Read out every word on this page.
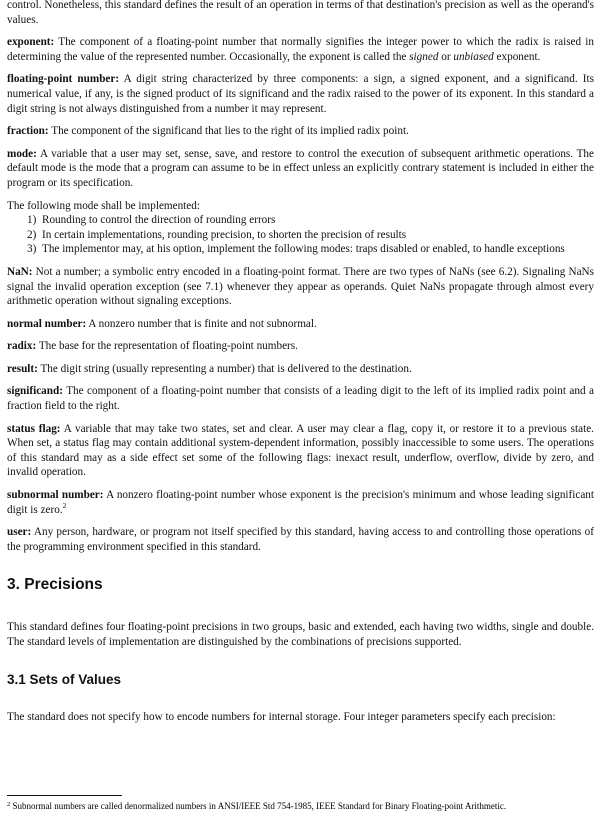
control. Nonetheless, this standard defines the result of an operation in terms of that destination's precision as well as the operand's values.

exponent: The component of a floating-point number that normally signifies the integer power to which the radix is raised in determining the value of the represented number. Occasionally, the exponent is called the signed or unbiased exponent.

floating-point number: A digit string characterized by three components: a sign, a signed exponent, and a significand. Its numerical value, if any, is the signed product of its significand and the radix raised to the power of its exponent. In this standard a digit string is not always distinguished from a number it may represent.

fraction: The component of the significand that lies to the right of its implied radix point.

mode: A variable that a user may set, sense, save, and restore to control the execution of subsequent arithmetic operations. The default mode is the mode that a program can assume to be in effect unless an explicitly contrary statement is included in either the program or its specification.

The following mode shall be implemented:

1) Rounding to control the direction of rounding errors
2) In certain implementations, rounding precision, to shorten the precision of results
3) The implementor may, at his option, implement the following modes: traps disabled or enabled, to handle exceptions

NaN: Not a number; a symbolic entry encoded in a floating-point format. There are two types of NaNs (see 6.2). Signaling NaNs signal the invalid operation exception (see 7.1) whenever they appear as operands. Quiet NaNs propagate through almost every arithmetic operation without signaling exceptions.

normal number: A nonzero number that is finite and not subnormal.

radix: The base for the representation of floating-point numbers.

result: The digit string (usually representing a number) that is delivered to the destination.

significand: The component of a floating-point number that consists of a leading digit to the left of its implied radix point and a fraction field to the right.

status flag: A variable that may take two states, set and clear. A user may clear a flag, copy it, or restore it to a previous state. When set, a status flag may contain additional system-dependent information, possibly inaccessible to some users. The operations of this standard may as a side effect set some of the following flags: inexact result, underflow, overflow, divide by zero, and invalid operation.

subnormal number: A nonzero floating-point number whose exponent is the precision's minimum and whose leading significant digit is zero.$^2$

user: Any person, hardware, or program not itself specified by this standard, having access to and controlling those operations of the programming environment specified in this standard.

3. Precisions

This standard defines four floating-point precisions in two groups, basic and extended, each having two widths, single and double. The standard levels of implementation are distinguished by the combinations of precisions supported.

3.1 Sets of Values

The standard does not specify how to encode numbers for internal storage. Four integer parameters specify each precision:

$^2$ Subnormal numbers are called denormalized numbers in ANSI/IEEE Std 754-1985, IEEE Standard for Binary Floating-point Arithmetic.
